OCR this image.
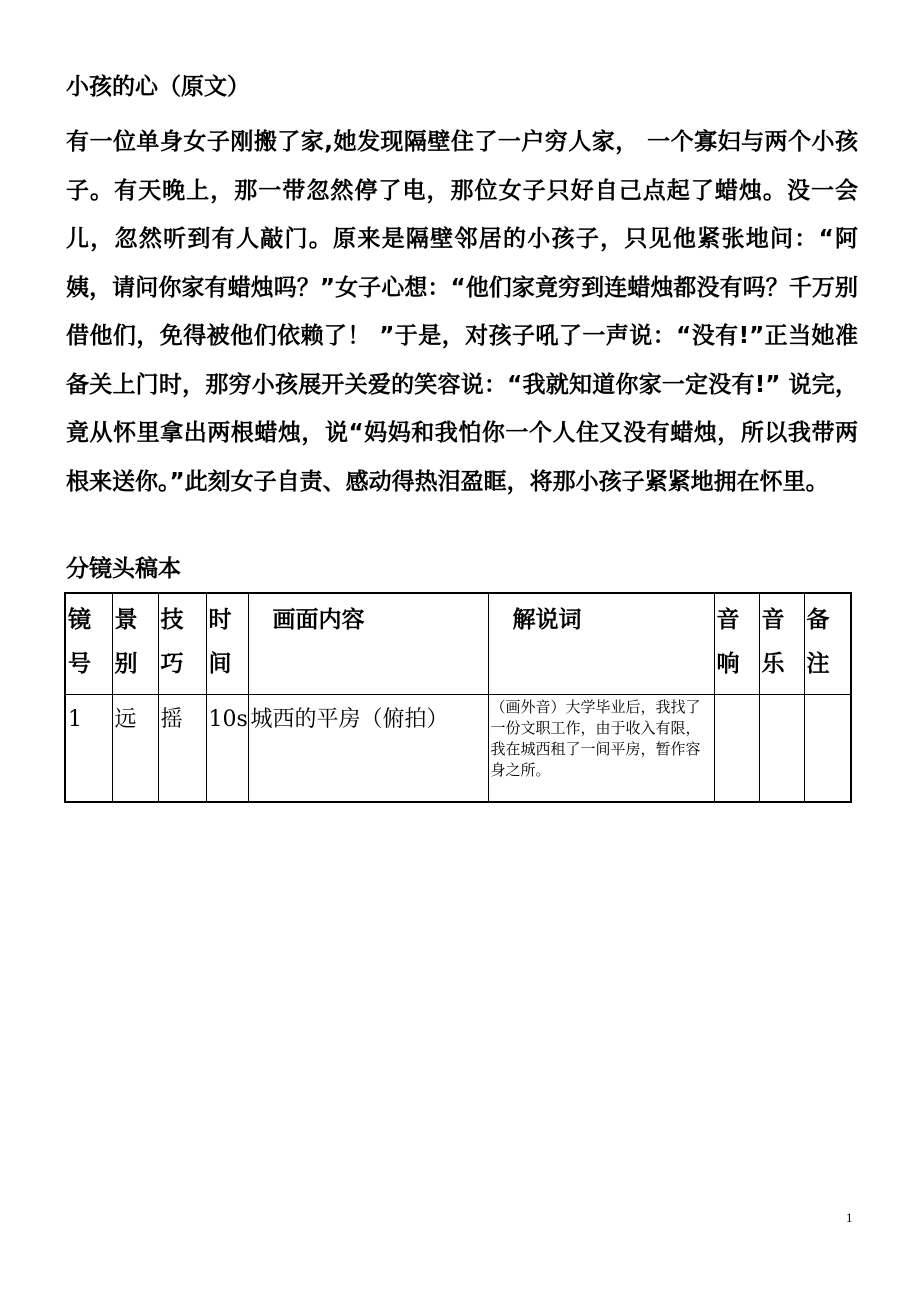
小孩的心（原文）

有一位单身女子刚搬了家,她发现隔壁住了一户穷人家， 一个寡妇与两个小孩子。有天晚上，那一带忽然停了电，那位女子只好自己点起了蜡烛。没一会儿，忽然听到有人敲门。原来是隔壁邻居的小孩子，只见他紧张地问：“阿姨，请问你家有蜡烛吗？”女子心想：“他们家竟穷到连蜡烛都没有吗？千万别借他们，免得被他们依赖了！ ”于是，对孩子吼了一声说：“没有!”正当她准备关上门时，那穷小孩展开关爱的笑容说：“我就知道你家一定没有!” 说完，竟从怀里拿出两根蜡烛，说“妈妈和我怕你一个人住又没有蜡烛，所以我带两根来送你。”此刻女子自责、感动得热泪盈眶，将那小孩子紧紧地拥在怀里。

分镜头稿本
镜号	景别	技巧	时间	画面内容	解说词	音响	音乐	备注
1	远	摇	10s	城西的平房（俯拍）	（画外音）大学毕业后，我找了一份文职工作，由于收入有限，我在城西租了一间平房，暂作容身之所。			
1
